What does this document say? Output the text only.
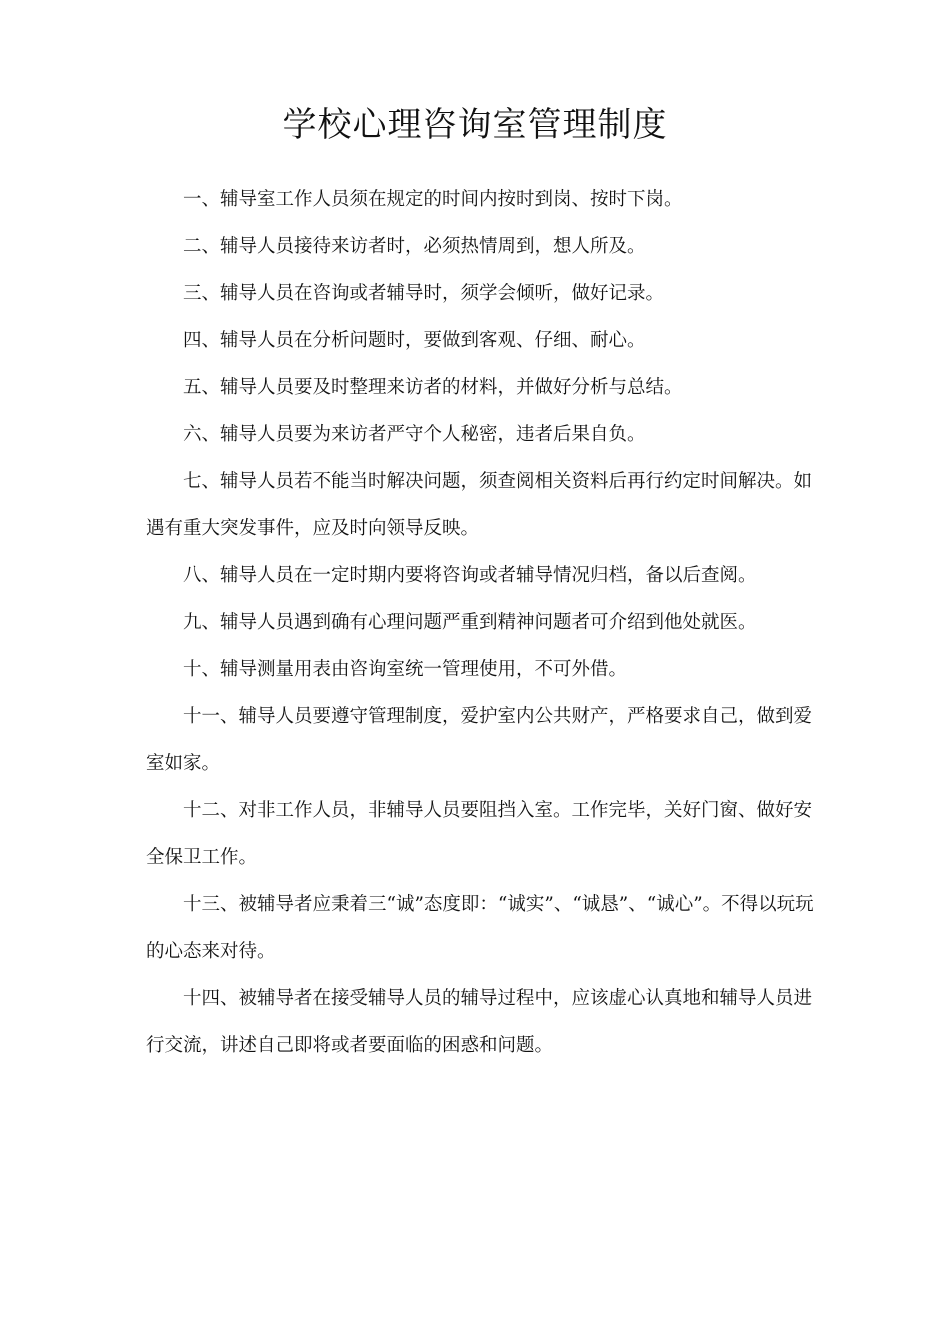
学校心理咨询室管理制度

一、辅导室工作人员须在规定的时间内按时到岗、按时下岗。

二、辅导人员接待来访者时，必须热情周到，想人所及。

三、辅导人员在咨询或者辅导时，须学会倾听，做好记录。

四、辅导人员在分析问题时，要做到客观、仔细、耐心。

五、辅导人员要及时整理来访者的材料，并做好分析与总结。

六、辅导人员要为来访者严守个人秘密，违者后果自负。

七、辅导人员若不能当时解决问题，须查阅相关资料后再行约定时间解决。如遇有重大突发事件，应及时向领导反映。

八、辅导人员在一定时期内要将咨询或者辅导情况归档，备以后查阅。

九、辅导人员遇到确有心理问题严重到精神问题者可介绍到他处就医。

十、辅导测量用表由咨询室统一管理使用，不可外借。

十一、辅导人员要遵守管理制度，爱护室内公共财产，严格要求自己，做到爱室如家。

十二、对非工作人员，非辅导人员要阻挡入室。工作完毕，关好门窗、做好安全保卫工作。

十三、被辅导者应秉着三“诚”态度即：“诚实”、“诚恳”、“诚心”。不得以玩玩的心态来对待。

十四、被辅导者在接受辅导人员的辅导过程中，应该虚心认真地和辅导人员进行交流，讲述自己即将或者要面临的困惑和问题。
